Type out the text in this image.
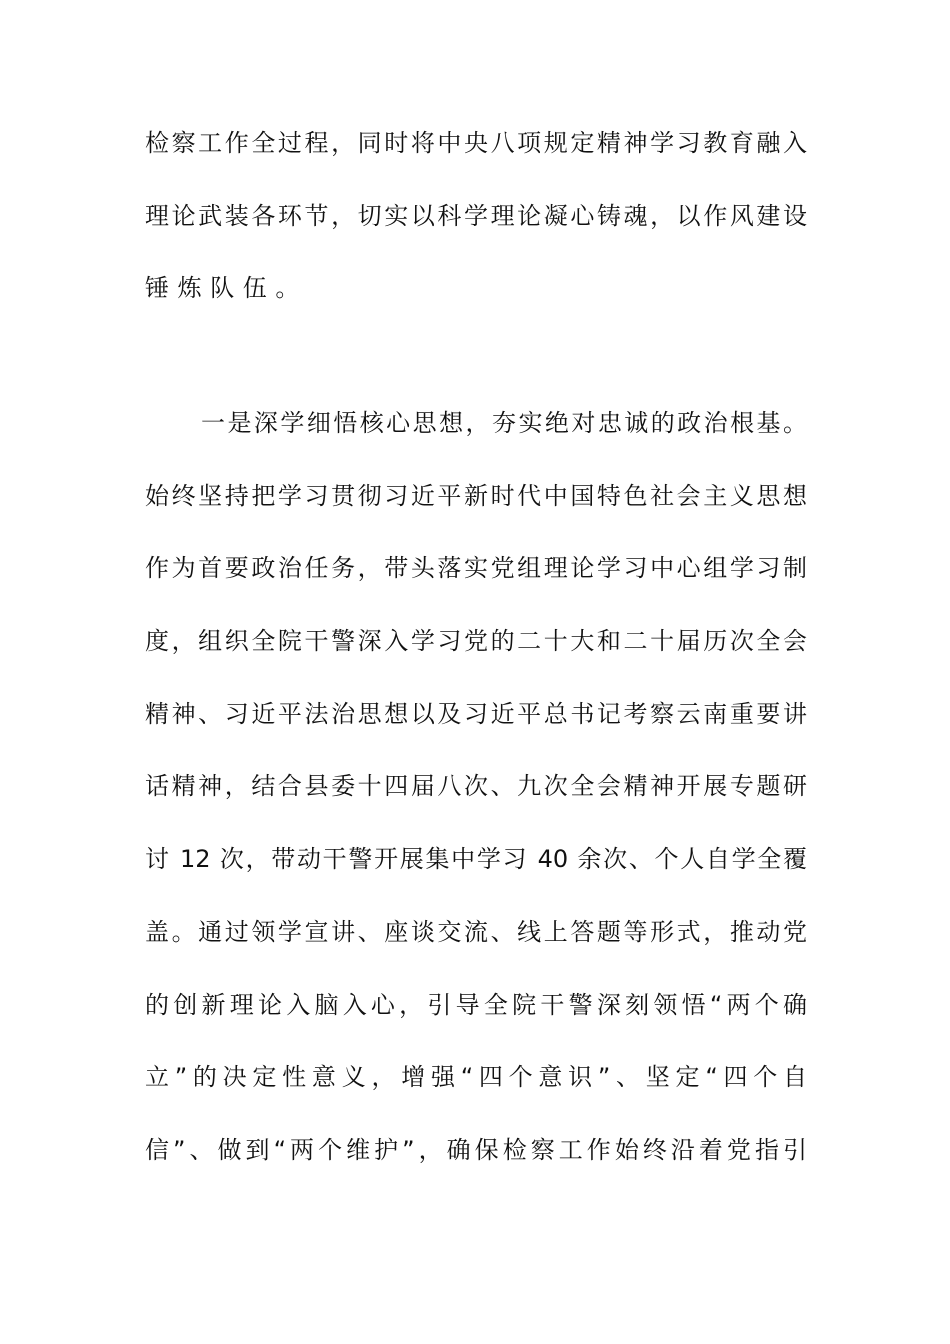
检察工作全过程，同时将中央八项规定精神学习教育融入
理论武装各环节，切实以科学理论凝心铸魂，以作风建设
锤炼队伍。
一是深学细悟核心思想，夯实绝对忠诚的政治根基。
始终坚持把学习贯彻习近平新时代中国特色社会主义思想
作为首要政治任务，带头落实党组理论学习中心组学习制
度，组织全院干警深入学习党的二十大和二十届历次全会
精神、习近平法治思想以及习近平总书记考察云南重要讲
话精神，结合县委十四届八次、九次全会精神开展专题研
讨 12 次，带动干警开展集中学习 40 余次、个人自学全覆
盖。通过领学宣讲、座谈交流、线上答题等形式，推动党
的创新理论入脑入心，引导全院干警深刻领悟“两个确
立”的决定性意义，增强“四个意识”、坚定“四个自
信”、做到“两个维护”，确保检察工作始终沿着党指引
